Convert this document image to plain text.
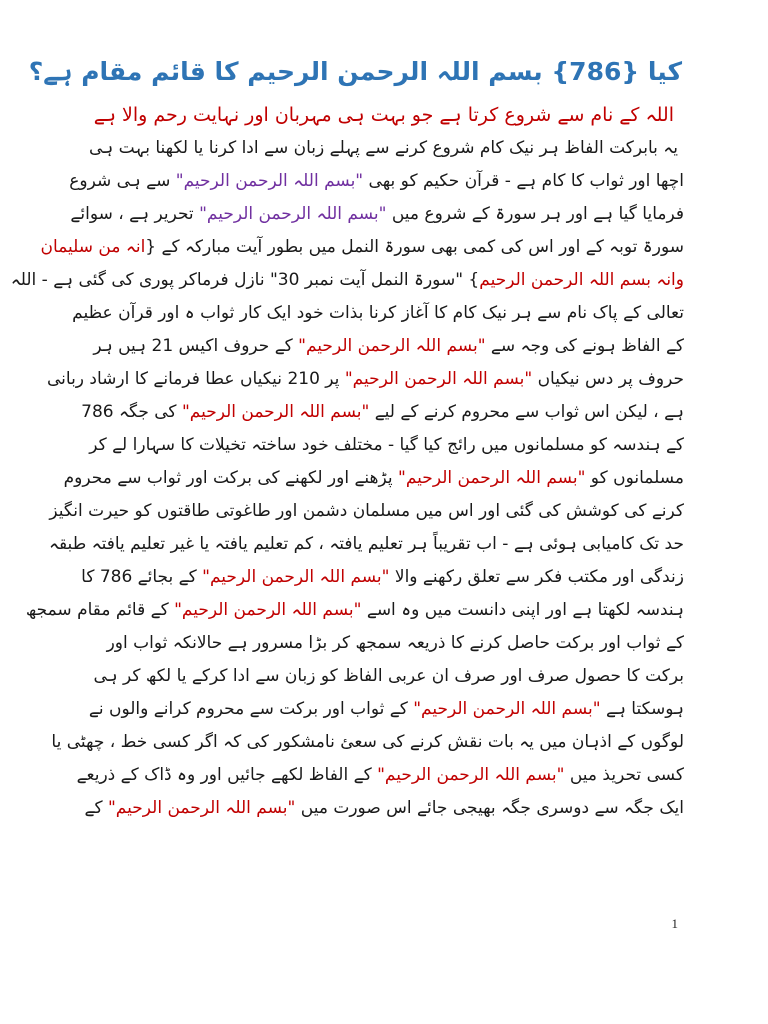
کیا {786} بسم اللہ الرحمن الرحیم کا قائم مقام ہے؟
اللہ کے نام سے شروع کرتا ہے جو بہت ہی مہربان اور نہایت رحم والا ہے
یہ بابرکت الفاظ ہر نیک کام شروع کرنے سے پہلے زبان سے ادا کرنا یا لکھنا بہت ہی
اچھا اور ثواب کا کام ہے - قرآن حکیم کو بھی "بسم اللہ الرحمن الرحیم" سے ہی شروع
فرمایا گیا ہے اور ہر سورۃ کے شروع میں "بسم اللہ الرحمن الرحیم" تحریر ہے ، سوائے
سورۃ توبہ کے اور اس کی کمی بھی سورۃ النمل میں بطور آیت مبارکہ کے {انہ من سلیمان
وانہ بسم اللہ الرحمن الرحیم} "سورۃ النمل آیت نمبر 30" نازل فرماکر پوری کی گئی ہے - اللہ
تعالی کے پاک نام سے ہر نیک کام کا آغاز کرنا بذات خود ایک کار ثواب ہ اور قرآن عظیم
کے الفاظ ہونے کی وجہ سے "بسم اللہ الرحمن الرحیم" کے حروف اکیس 21 ہیں ہر
حروف پر دس نیکیاں "بسم اللہ الرحمن الرحیم" پر 210 نیکیاں عطا فرمانے کا ارشاد ربانی
ہے ، لیکن اس ثواب سے محروم کرنے کے لیے "بسم اللہ الرحمن الرحیم" کی جگہ 786
کے ہندسہ کو مسلمانوں میں رائج کیا گیا - مختلف خود ساختہ تخیلات کا سہارا لے کر
مسلمانوں کو "بسم اللہ الرحمن الرحیم" پڑھنے اور لکھنے کی برکت اور ثواب سے محروم
کرنے کی کوشش کی گئی اور اس میں مسلمان دشمن اور طاغوتی طاقتوں کو حیرت انگیز
حد تک کامیابی ہوئی ہے - اب تقریباً ہر تعلیم یافتہ ، کم تعلیم یافتہ یا غیر تعلیم یافتہ طبقہ
زندگی اور مکتب فکر سے تعلق رکھنے والا "بسم اللہ الرحمن الرحیم" کے بجائے 786 کا
ہندسہ لکھتا ہے اور اپنی دانست میں وہ اسے "بسم اللہ الرحمن الرحیم" کے قائم مقام سمجھ
کے ثواب اور برکت حاصل کرنے کا ذریعہ سمجھ کر بڑا مسرور ہے حالانکہ ثواب اور
برکت کا حصول صرف اور صرف ان عربی الفاظ کو زبان سے ادا کرکے یا لکھ کر ہی
ہوسکتا ہے "بسم اللہ الرحمن الرحیم" کے ثواب اور برکت سے محروم کرانے والوں نے
لوگوں کے اذہان میں یہ بات نقش کرنے کی سعئ نامشکور کی کہ اگر کسی خط ، چھٹی یا
کسی تحریذ میں "بسم اللہ الرحمن الرحیم" کے الفاظ لکھے جائیں اور وہ ڈاک کے ذریعے
ایک جگہ سے دوسری جگہ بھیجی جائے اس صورت میں "بسم اللہ الرحمن الرحیم" کے
1
